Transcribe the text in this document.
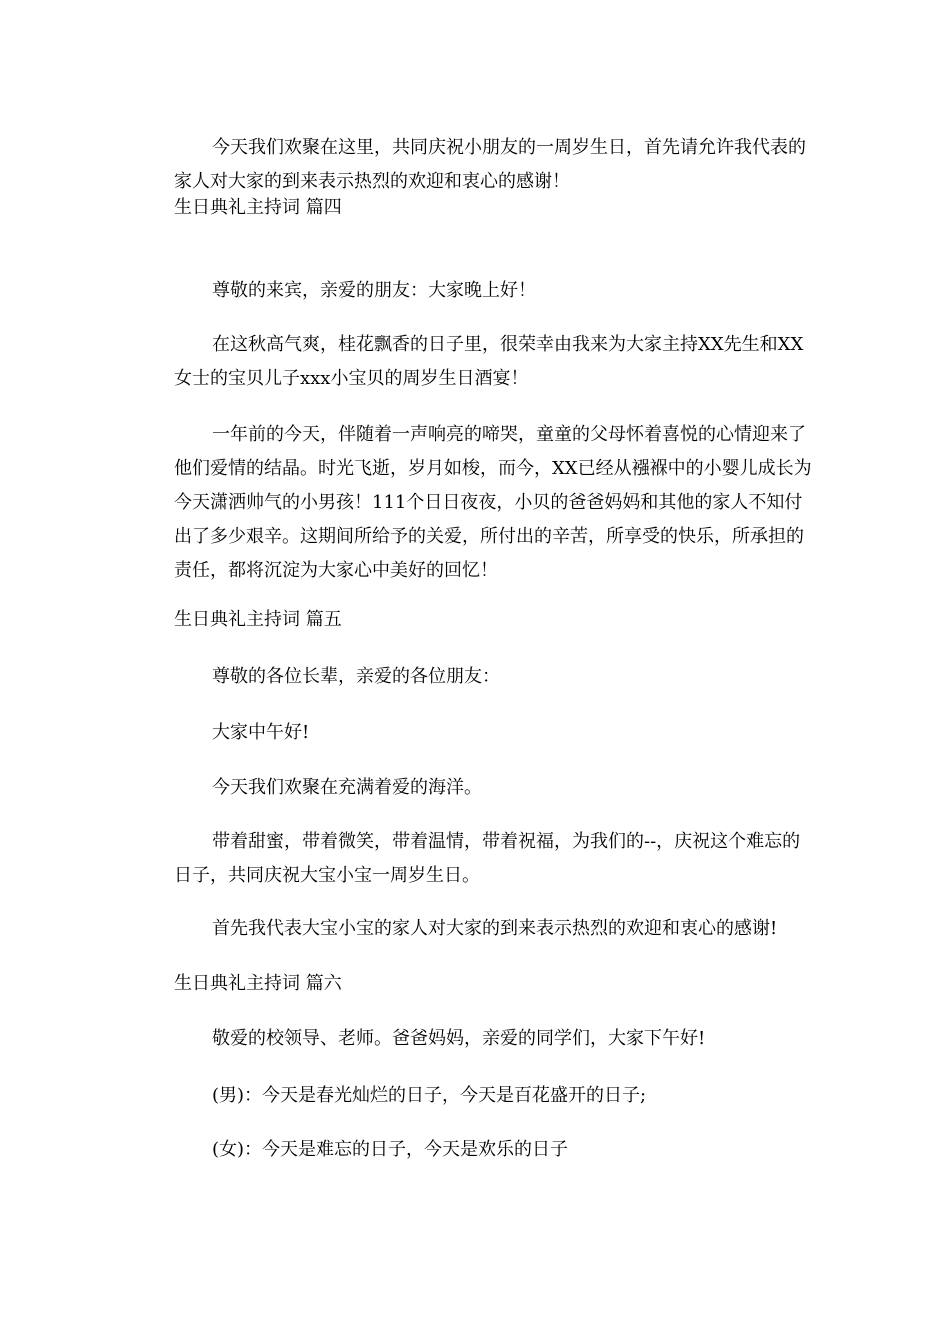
今天我们欢聚在这里，共同庆祝小朋友的一周岁生日，首先请允许我代表的家人对大家的到来表示热烈的欢迎和衷心的感谢！

生日典礼主持词 篇四

尊敬的来宾，亲爱的朋友：大家晚上好！

在这秋高气爽，桂花飘香的日子里，很荣幸由我来为大家主持XX先生和XX女士的宝贝儿子xxx小宝贝的周岁生日酒宴！

一年前的今天，伴随着一声响亮的啼哭，童童的父母怀着喜悦的心情迎来了他们爱情的结晶。时光飞逝，岁月如梭，而今，XX已经从襁褓中的小婴儿成长为今天潇洒帅气的小男孩！111个日日夜夜，小贝的爸爸妈妈和其他的家人不知付出了多少艰辛。这期间所给予的关爱，所付出的辛苦，所享受的快乐，所承担的责任，都将沉淀为大家心中美好的回忆！

生日典礼主持词 篇五

尊敬的各位长辈，亲爱的各位朋友：

大家中午好!

今天我们欢聚在充满着爱的海洋。

带着甜蜜，带着微笑，带着温情，带着祝福，为我们的--，庆祝这个难忘的日子，共同庆祝大宝小宝一周岁生日。

首先我代表大宝小宝的家人对大家的到来表示热烈的欢迎和衷心的感谢!

生日典礼主持词 篇六

敬爱的校领导、老师。爸爸妈妈，亲爱的同学们，大家下午好!

(男)：今天是春光灿烂的日子，今天是百花盛开的日子;

(女)：今天是难忘的日子，今天是欢乐的日子
